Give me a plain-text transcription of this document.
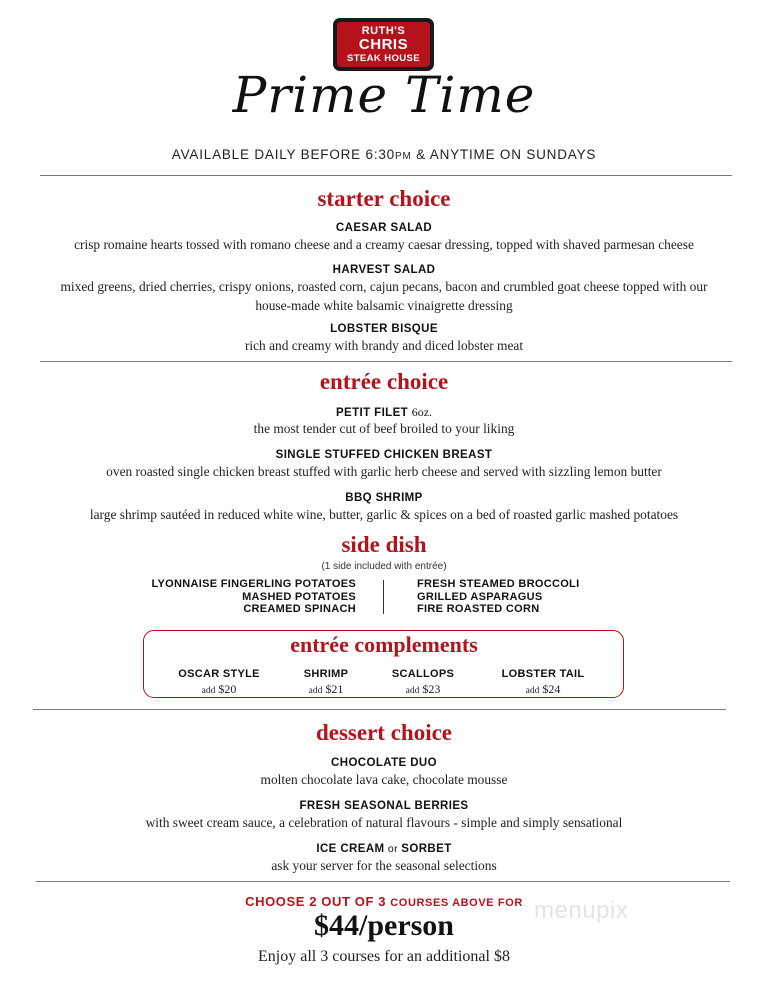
RUTH'S
CHRIS
STEAK HOUSE
Prime Time
AVAILABLE DAILY BEFORE 6:30PM & ANYTIME ON SUNDAYS
starter choice
CAESAR SALAD
crisp romaine hearts tossed with romano cheese and a creamy caesar dressing, topped with shaved parmesan cheese
HARVEST SALAD
mixed greens, dried cherries, crispy onions, roasted corn, cajun pecans, bacon and crumbled goat cheese topped with our house-made white balsamic vinaigrette dressing
LOBSTER BISQUE
rich and creamy with brandy and diced lobster meat
entrée choice
PETIT FILET 6oz.
the most tender cut of beef broiled to your liking
SINGLE STUFFED CHICKEN BREAST
oven roasted single chicken breast stuffed with garlic herb cheese and served with sizzling lemon butter
BBQ SHRIMP
large shrimp sautéed in reduced white wine, butter, garlic & spices on a bed of roasted garlic mashed potatoes
side dish
(1 side included with entrée)
LYONNAISE FINGERLING POTATOES
MASHED POTATOES
CREAMED SPINACH
FRESH STEAMED BROCCOLI
GRILLED ASPARAGUS
FIRE ROASTED CORN
entrée complements
OSCAR STYLE
add $20
SHRIMP
add $21
SCALLOPS
add $23
LOBSTER TAIL
add $24
dessert choice
CHOCOLATE DUO
molten chocolate lava cake, chocolate mousse
FRESH SEASONAL BERRIES
with sweet cream sauce, a celebration of natural flavours - simple and simply sensational
ICE CREAM or SORBET
ask your server for the seasonal selections
CHOOSE 2 OUT OF 3 COURSES ABOVE FOR
$44/person
Enjoy all 3 courses for an additional $8
menupix
